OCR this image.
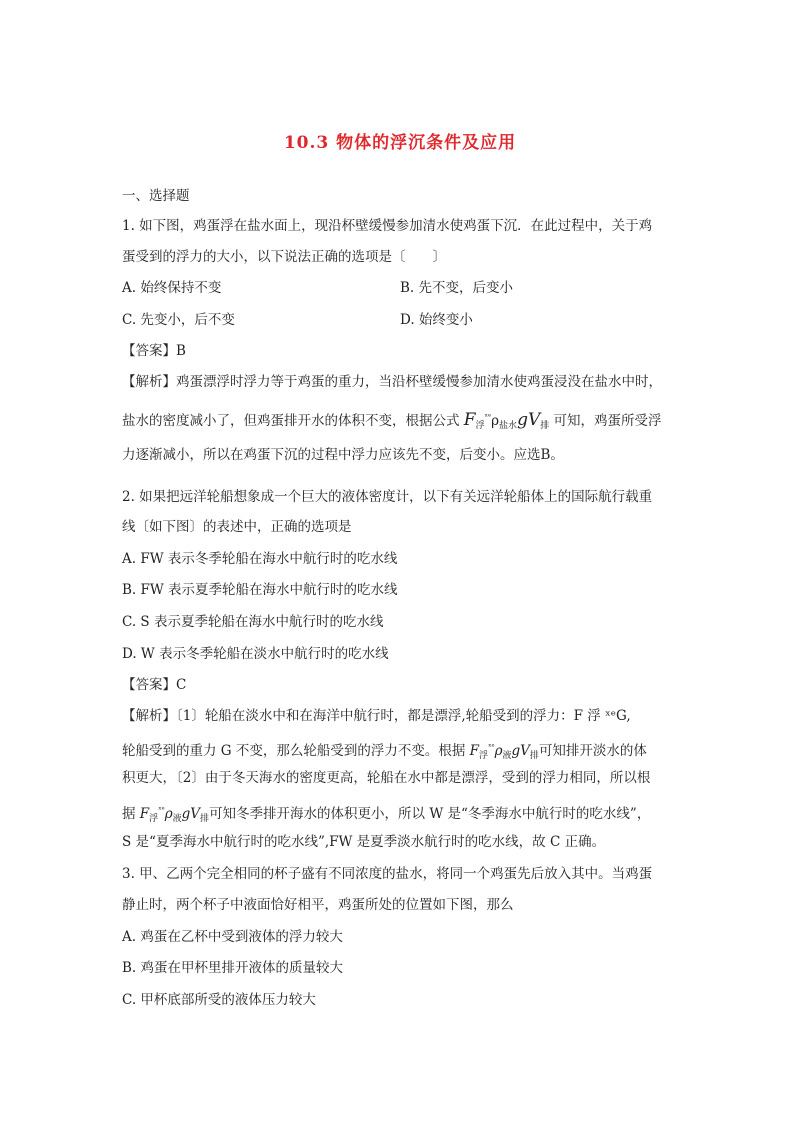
10.3 物体的浮沉条件及应用
一、选择题
1. 如下图，鸡蛋浮在盐水面上，现沿杯壁缓慢参加清水使鸡蛋下沉．在此过程中，关于鸡
蛋受到的浮力的大小，以下说法正确的选项是〔　　〕
A. 始终保持不变	B. 先不变，后变小
C. 先变小，后不变	D. 始终变小
【答案】B
【解析】鸡蛋漂浮时浮力等于鸡蛋的重力，当沿杯壁缓慢参加清水使鸡蛋浸没在盐水中时，
盐水的密度减小了，但鸡蛋排开水的体积不变，根据公式 $F_浮^{ˣᵉ}\rho_{盐水}gV_排$ 可知，鸡蛋所受浮
力逐渐减小，所以在鸡蛋下沉的过程中浮力应该先不变，后变小。应选B。
2. 如果把远洋轮船想象成一个巨大的液体密度计，以下有关远洋轮船体上的国际航行载重
线〔如下图〕的表述中，正确的选项是
A. FW 表示冬季轮船在海水中航行时的吃水线
B. FW 表示夏季轮船在海水中航行时的吃水线
C. S 表示夏季轮船在海水中航行时的吃水线
D. W 表示冬季轮船在淡水中航行时的吃水线
【答案】C
【解析】〔1〕轮船在淡水中和在海洋中航行时，都是漂浮,轮船受到的浮力：F 浮 ˣᵉG,
轮船受到的重力 G 不变，那么轮船受到的浮力不变。根据 $F_浮^{ˣᵉ}\rho_液gV_排$可知排开淡水的体
积更大，〔2〕由于冬天海水的密度更高，轮船在水中都是漂浮，受到的浮力相同，所以根
据 $F_浮^{ˣᵉ}\rho_液gV_排$可知冬季排开海水的体积更小，所以 W 是“冬季海水中航行时的吃水线”，
S 是“夏季海水中航行时的吃水线”,FW 是夏季淡水航行时的吃水线，故 C 正确。
3. 甲、乙两个完全相同的杯子盛有不同浓度的盐水，将同一个鸡蛋先后放入其中。当鸡蛋
静止时，两个杯子中液面恰好相平，鸡蛋所处的位置如下图，那么
A. 鸡蛋在乙杯中受到液体的浮力较大
B. 鸡蛋在甲杯里排开液体的质量较大
C. 甲杯底部所受的液体压力较大
